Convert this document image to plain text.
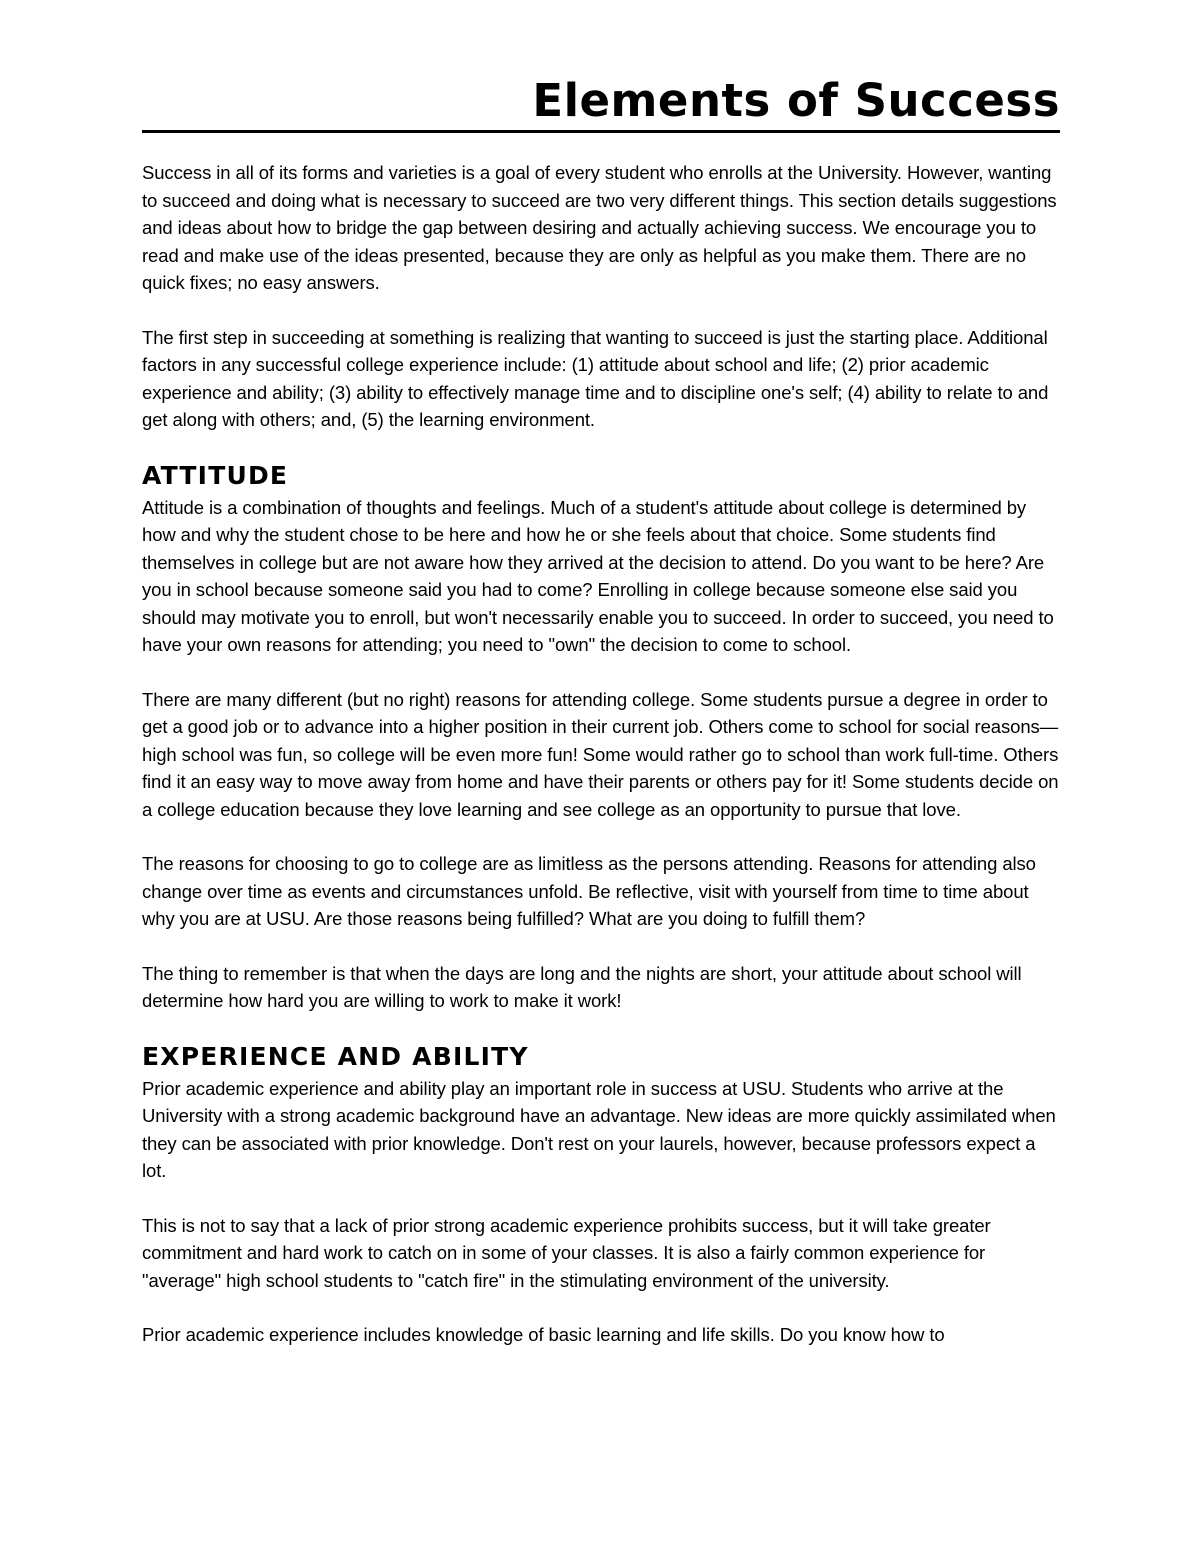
Elements of Success

Success in all of its forms and varieties is a goal of every student who enrolls at the University. However, wanting to succeed and doing what is necessary to succeed are two very different things. This section details suggestions and ideas about how to bridge the gap between desiring and actually achieving success. We encourage you to read and make use of the ideas presented, because they are only as helpful as you make them. There are no quick fixes; no easy answers.

The first step in succeeding at something is realizing that wanting to succeed is just the starting place. Additional factors in any successful college experience include: (1) attitude about school and life; (2) prior academic experience and ability; (3) ability to effectively manage time and to discipline one's self; (4) ability to relate to and get along with others; and, (5) the learning environment.

ATTITUDE

Attitude is a combination of thoughts and feelings. Much of a student's attitude about college is determined by how and why the student chose to be here and how he or she feels about that choice. Some students find themselves in college but are not aware how they arrived at the decision to attend. Do you want to be here? Are you in school because someone said you had to come? Enrolling in college because someone else said you should may motivate you to enroll, but won't necessarily enable you to succeed. In order to succeed, you need to have your own reasons for attending; you need to "own" the decision to come to school.

There are many different (but no right) reasons for attending college. Some students pursue a degree in order to get a good job or to advance into a higher position in their current job. Others come to school for social reasons—high school was fun, so college will be even more fun! Some would rather go to school than work full-time. Others find it an easy way to move away from home and have their parents or others pay for it! Some students decide on a college education because they love learning and see college as an opportunity to pursue that love.

The reasons for choosing to go to college are as limitless as the persons attending. Reasons for attending also change over time as events and circumstances unfold. Be reflective, visit with yourself from time to time about why you are at USU. Are those reasons being fulfilled? What are you doing to fulfill them?

The thing to remember is that when the days are long and the nights are short, your attitude about school will determine how hard you are willing to work to make it work!

EXPERIENCE AND ABILITY

Prior academic experience and ability play an important role in success at USU. Students who arrive at the University with a strong academic background have an advantage. New ideas are more quickly assimilated when they can be associated with prior knowledge. Don't rest on your laurels, however, because professors expect a lot.

This is not to say that a lack of prior strong academic experience prohibits success, but it will take greater commitment and hard work to catch on in some of your classes. It is also a fairly common experience for "average" high school students to "catch fire" in the stimulating environment of the university.

Prior academic experience includes knowledge of basic learning and life skills. Do you know how to
